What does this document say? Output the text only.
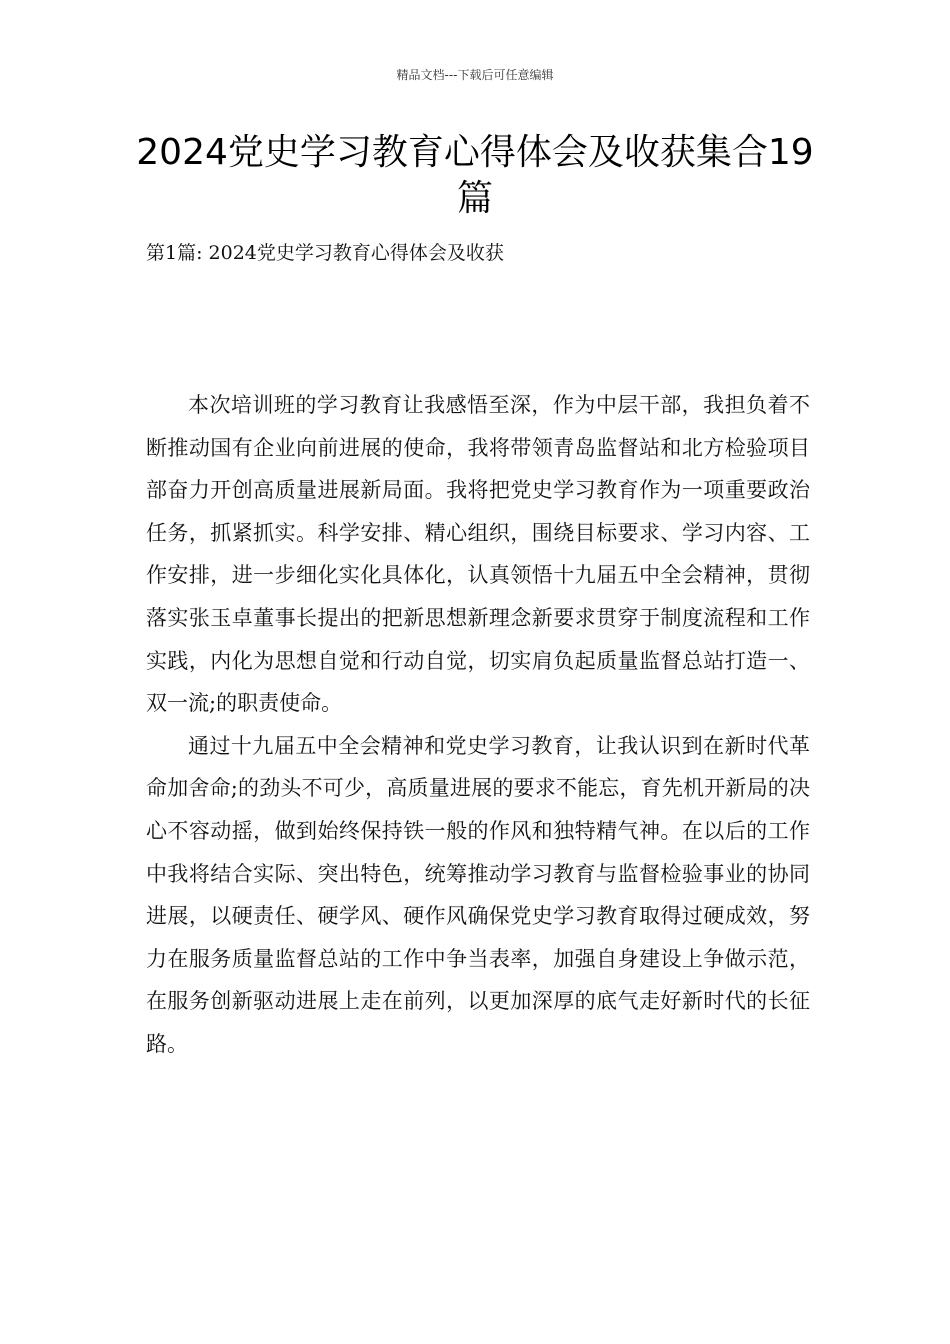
精品文档---下载后可任意编辑
2024党史学习教育心得体会及收获集合19篇
第1篇: 2024党史学习教育心得体会及收获

本次培训班的学习教育让我感悟至深，作为中层干部，我担负着不断推动国有企业向前进展的使命，我将带领青岛监督站和北方检验项目部奋力开创高质量进展新局面。我将把党史学习教育作为一项重要政治任务，抓紧抓实。科学安排、精心组织，围绕目标要求、学习内容、工作安排，进一步细化实化具体化，认真领悟十九届五中全会精神，贯彻落实张玉卓董事长提出的把新思想新理念新要求贯穿于制度流程和工作实践，内化为思想自觉和行动自觉，切实肩负起质量监督总站打造一、双一流;的职责使命。

通过十九届五中全会精神和党史学习教育，让我认识到在新时代革命加舍命;的劲头不可少，高质量进展的要求不能忘，育先机开新局的决心不容动摇，做到始终保持铁一般的作风和独特精气神。在以后的工作中我将结合实际、突出特色，统筹推动学习教育与监督检验事业的协同进展，以硬责任、硬学风、硬作风确保党史学习教育取得过硬成效，努力在服务质量监督总站的工作中争当表率，加强自身建设上争做示范，在服务创新驱动进展上走在前列，以更加深厚的底气走好新时代的长征路。
